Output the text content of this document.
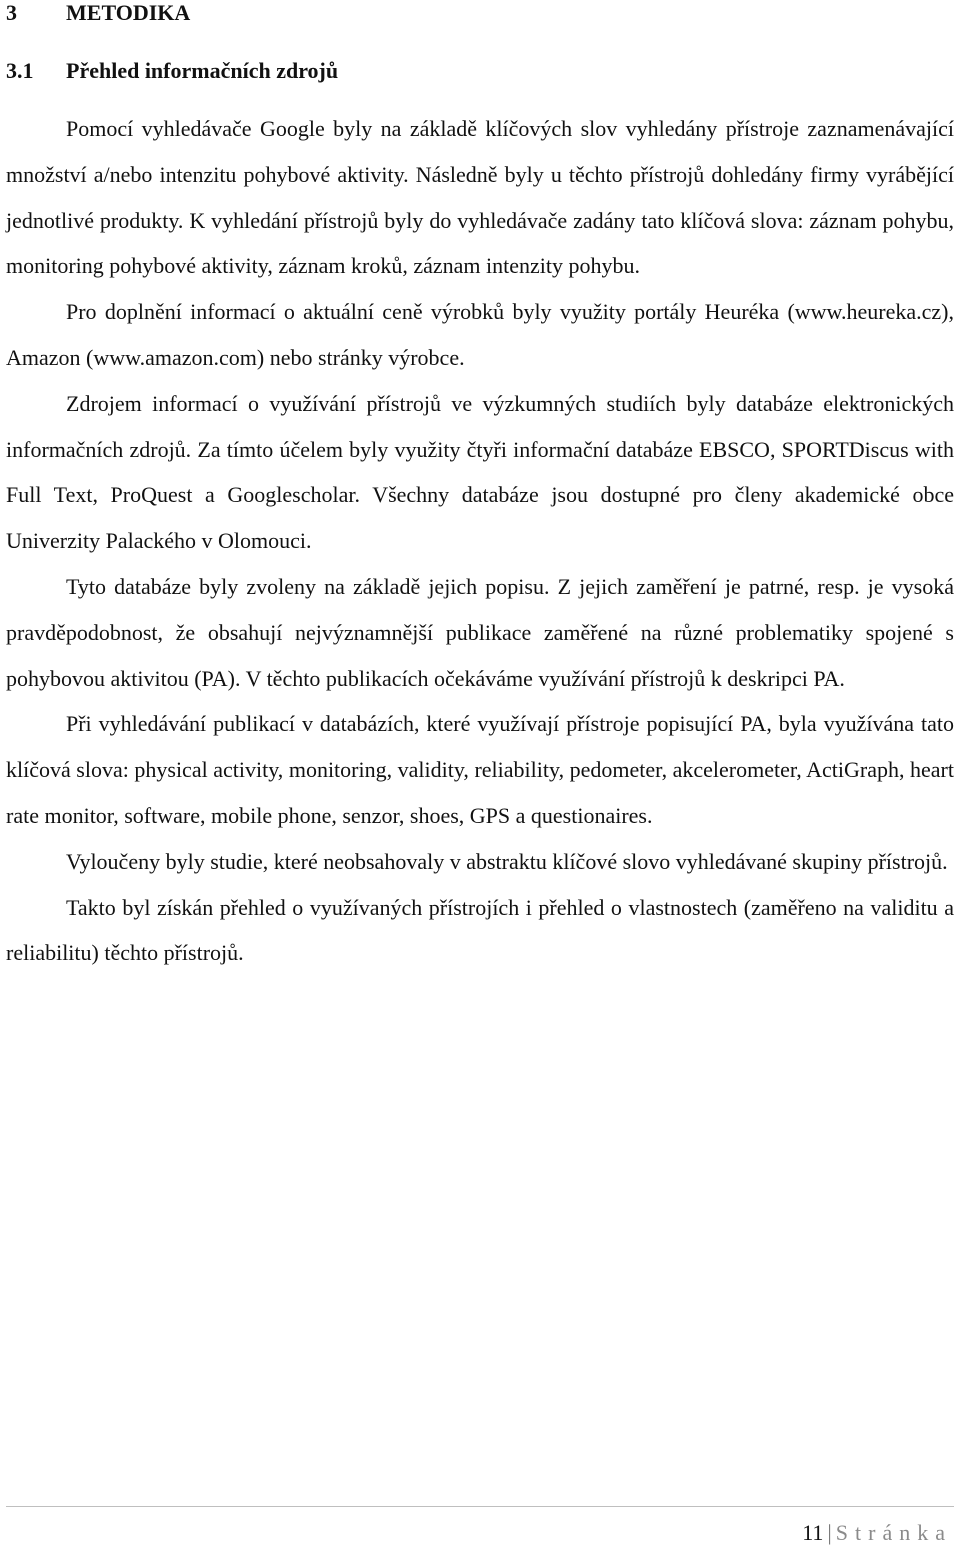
3 METODIKA
3.1 Přehled informačních zdrojů

Pomocí vyhledávače Google byly na základě klíčových slov vyhledány přístroje zaznamenávající množství a/nebo intenzitu pohybové aktivity. Následně byly u těchto přístrojů dohledány firmy vyrábějící jednotlivé produkty. K vyhledání přístrojů byly do vyhledávače zadány tato klíčová slova: záznam pohybu, monitoring pohybové aktivity, záznam kroků, záznam intenzity pohybu.

Pro doplnění informací o aktuální ceně výrobků byly využity portály Heuréka (www.heureka.cz), Amazon (www.amazon.com) nebo stránky výrobce.

Zdrojem informací o využívání přístrojů ve výzkumných studiích byly databáze elektronických informačních zdrojů. Za tímto účelem byly využity čtyři informační databáze EBSCO, SPORTDiscus with Full Text, ProQuest a Googlescholar. Všechny databáze jsou dostupné pro členy akademické obce Univerzity Palackého v Olomouci.

Tyto databáze byly zvoleny na základě jejich popisu. Z jejich zaměření je patrné, resp. je vysoká pravděpodobnost, že obsahují nejvýznamnější publikace zaměřené na různé problematiky spojené s pohybovou aktivitou (PA). V těchto publikacích očekáváme využívání přístrojů k deskripci PA.

Při vyhledávání publikací v databázích, které využívají přístroje popisující PA, byla využívána tato klíčová slova: physical activity, monitoring, validity, reliability, pedometer, akcelerometer, ActiGraph, heart rate monitor, software, mobile phone, senzor, shoes, GPS a questionaires.

Vyloučeny byly studie, které neobsahovaly v abstraktu klíčové slovo vyhledávané skupiny přístrojů.

Takto byl získán přehled o využívaných přístrojích i přehled o vlastnostech (zaměřeno na validitu a reliabilitu) těchto přístrojů.

11 | Stránka
